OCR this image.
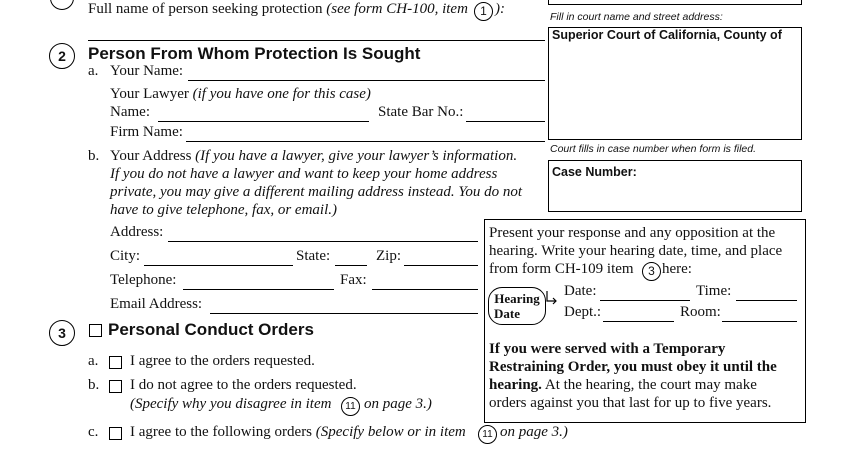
Full name of person seeking protection (see form CH-100, item	1 ):	Fill in court name and street address:
Superior Court of California, County of
Court fills in case number when form is filed.
Case Number:
2	Person From Whom Protection Is Sought
a. Your Name:
Your Lawyer (if you have one for this case)
Name:	State Bar No.:
Firm Name:
b. Your Address (If you have a lawyer, give your lawyer’s information.
If you do not have a lawyer and want to keep your home address
private, you may give a different mailing address instead. You do not
have to give telephone, fax, or email.)
Address:
City:	State:	Zip:
Telephone:	Fax:
Email Address:
Present your response and any opposition at the
hearing. Write your hearing date, time, and place
from form CH-109 item	3 here:
Hearing
Date
Date:	Time:
Dept.:	Room:
If you were served with a Temporary
Restraining Order, you must obey it until the
hearing. At the hearing, the court may make
orders against you that last for up to five years.
3	Personal Conduct Orders
a. I agree to the orders requested.
b. I do not agree to the orders requested.
(Specify why you disagree in item	11 on page 3.)
c. I agree to the following orders (Specify below or in item	11 on page 3.)
